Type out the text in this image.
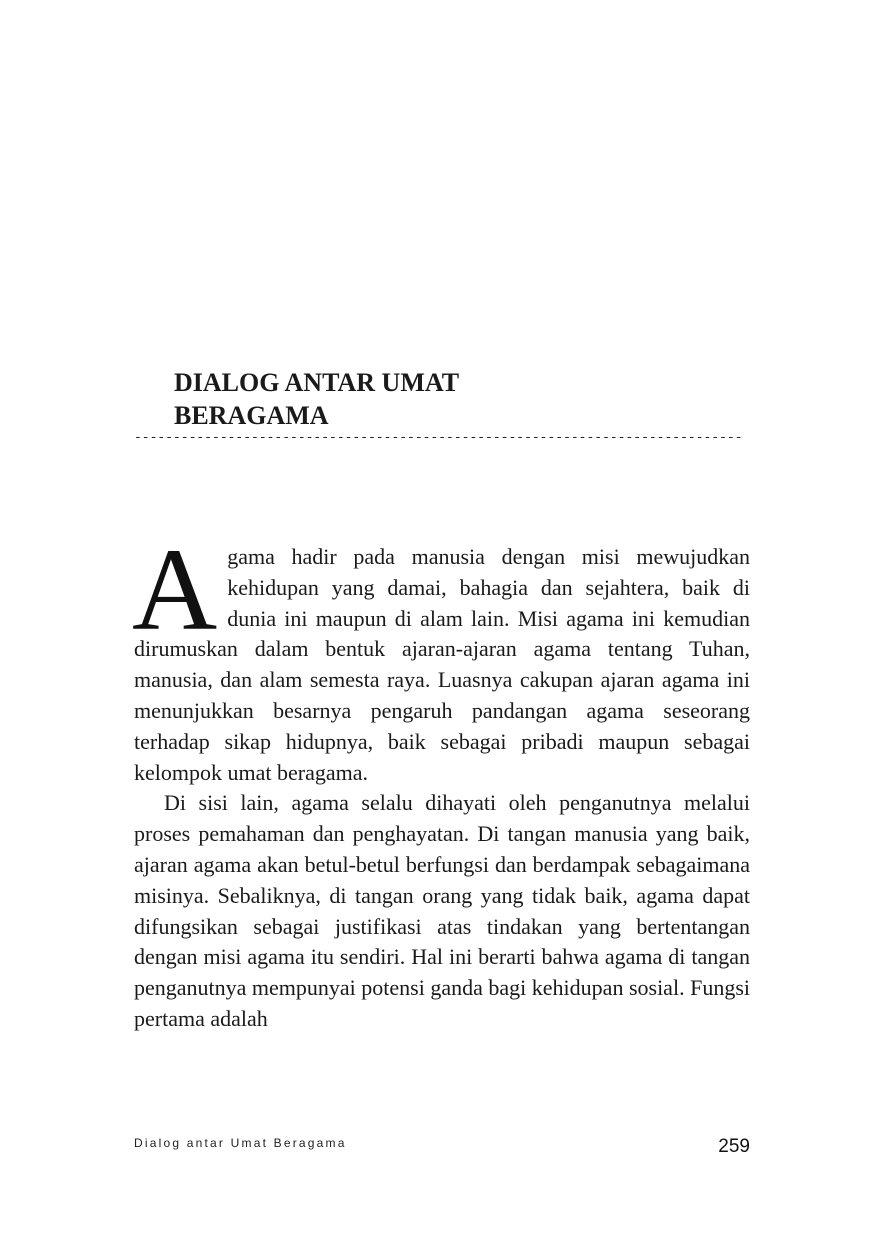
DIALOG ANTAR UMAT
BERAGAMA
------------------------------------------------------------------------------

Agama hadir pada manusia dengan misi mewujudkan kehidupan yang damai, bahagia dan sejahtera, baik di dunia ini maupun di alam lain. Misi agama ini kemudian dirumuskan dalam bentuk ajaran-ajaran agama tentang Tuhan, manusia, dan alam semesta raya. Luasnya cakupan ajaran agama ini menunjukkan besarnya pengaruh pandangan agama seseorang terhadap sikap hidupnya, baik sebagai pribadi maupun sebagai kelompok umat beragama.

Di sisi lain, agama selalu dihayati oleh penganutnya melalui proses pemahaman dan penghayatan. Di tangan manusia yang baik, ajaran agama akan betul-betul berfungsi dan berdampak sebagaimana misinya. Sebaliknya, di tangan orang yang tidak baik, agama dapat difungsikan sebagai justifikasi atas tindakan yang bertentangan dengan misi agama itu sendiri. Hal ini berarti bahwa agama di tangan penganutnya mempunyai potensi ganda bagi kehidupan sosial. Fungsi pertama adalah

Dialog antar Umat Beragama	259
